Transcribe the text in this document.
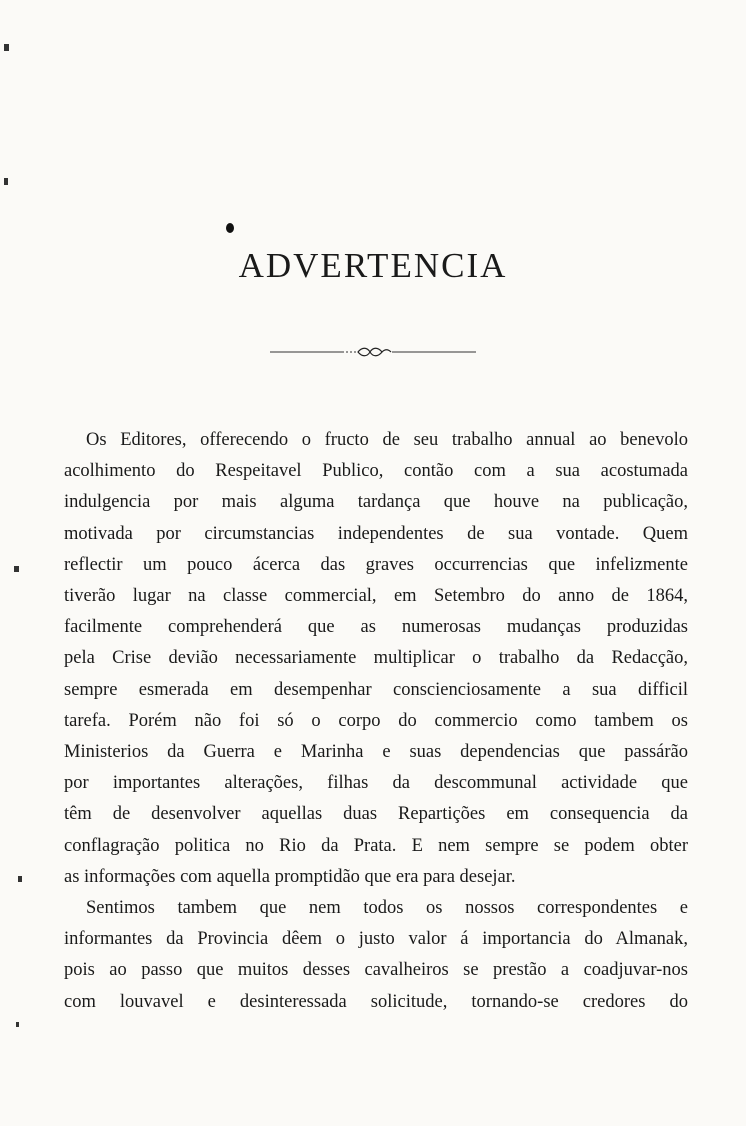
ADVERTENCIA
Os Editores, offerecendo o fructo de seu trabalho annual ao benevolo
acolhimento do Respeitavel Publico, contão com a sua acostumada
indulgencia por mais alguma tardança que houve na publicação,
motivada por circumstancias independentes de sua vontade. Quem
reflectir um pouco ácerca das graves occurrencias que infelizmente
tiverão lugar na classe commercial, em Setembro do anno de 1864,
facilmente comprehenderá que as numerosas mudanças produzidas
pela Crise devião necessariamente multiplicar o trabalho da Redacção,
sempre esmerada em desempenhar conscienciosamente a sua difficil
tarefa. Porém não foi só o corpo do commercio como tambem os
Ministerios da Guerra e Marinha e suas dependencias que passárão
por importantes alterações, filhas da descommunal actividade que
têm de desenvolver aquellas duas Repartições em consequencia da
conflagração politica no Rio da Prata. E nem sempre se podem obter
as informações com aquella promptidão que era para desejar.
Sentimos tambem que nem todos os nossos correspondentes e
informantes da Provincia dêem o justo valor á importancia do Almanak,
pois ao passo que muitos desses cavalheiros se prestão a coadjuvar-nos
com louvavel e desinteressada solicitude, tornando-se credores do
